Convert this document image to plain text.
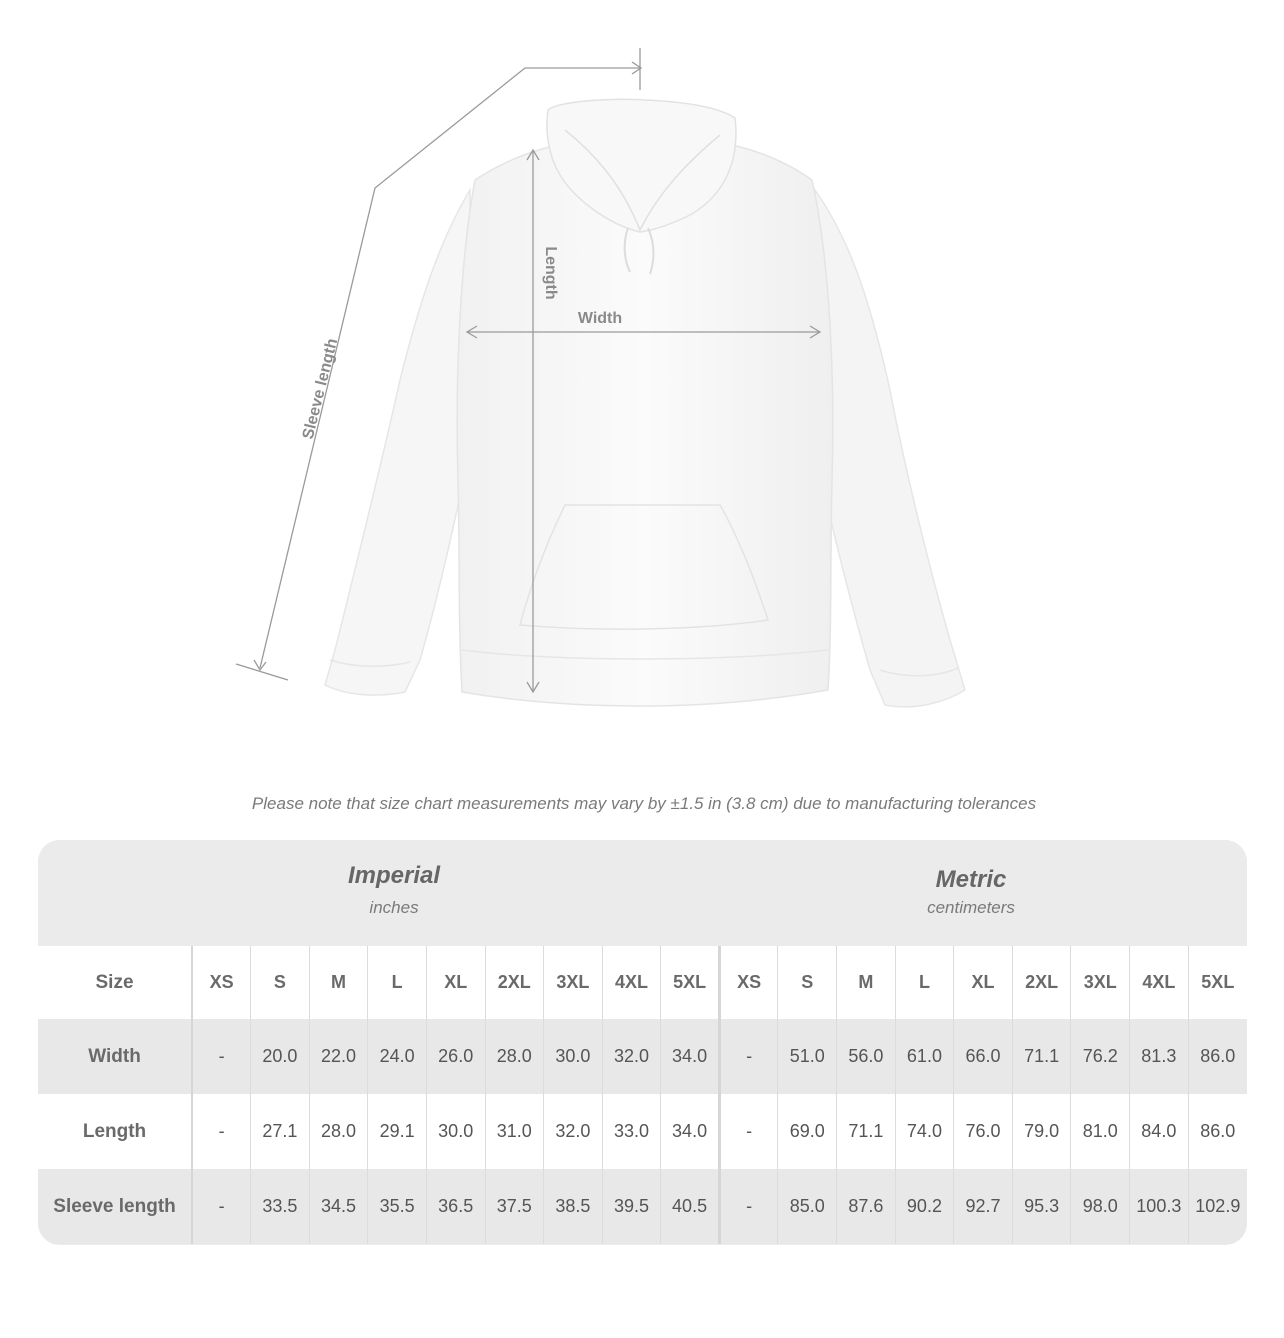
Sleeve length
Length
Width
Please note that size chart measurements may vary by ±1.5 in (3.8 cm) due to manufacturing tolerances
Imperial
inches
Metric
centimeters
Size	XS	S	M	L	XL	2XL	3XL	4XL	5XL	XS	S	M	L	XL	2XL	3XL	4XL	5XL
Width	-	20.0	22.0	24.0	26.0	28.0	30.0	32.0	34.0	-	51.0	56.0	61.0	66.0	71.1	76.2	81.3	86.0
Length	-	27.1	28.0	29.1	30.0	31.0	32.0	33.0	34.0	-	69.0	71.1	74.0	76.0	79.0	81.0	84.0	86.0
Sleeve length	-	33.5	34.5	35.5	36.5	37.5	38.5	39.5	40.5	-	85.0	87.6	90.2	92.7	95.3	98.0	100.3	102.9
